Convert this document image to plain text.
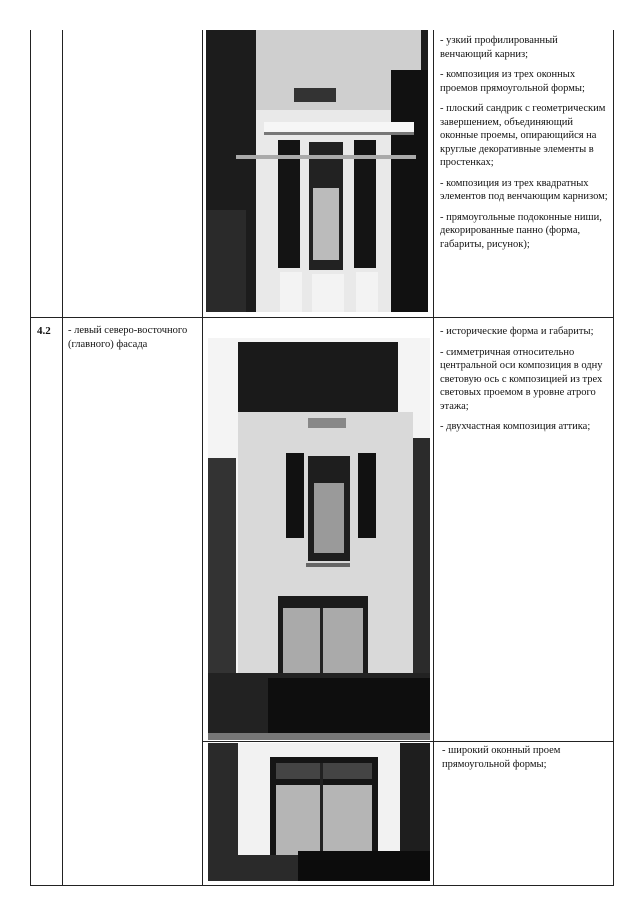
- узкий профилированный венчающий карниз;

- композиция из трех оконных проемов прямоугольной формы;

- плоский сандрик с геометрическим завершением, объединяющий оконные проемы, опирающийся на круглые декоративные элементы в простенках;

- композиция из трех квадратных элементов под венчающим карнизом;

- прямоугольные подоконные ниши, декорированные панно (форма, габариты, рисунок);

4.2 - левый северо-восточного (главного) фасада

- исторические форма и габариты;

- симметричная относительно центральной оси композиция в одну световую ось с композицией из трех световых проемом в уровне атрого этажа;

- двухчастная композиция аттика;

- широкий оконный проем прямоугольной формы;
